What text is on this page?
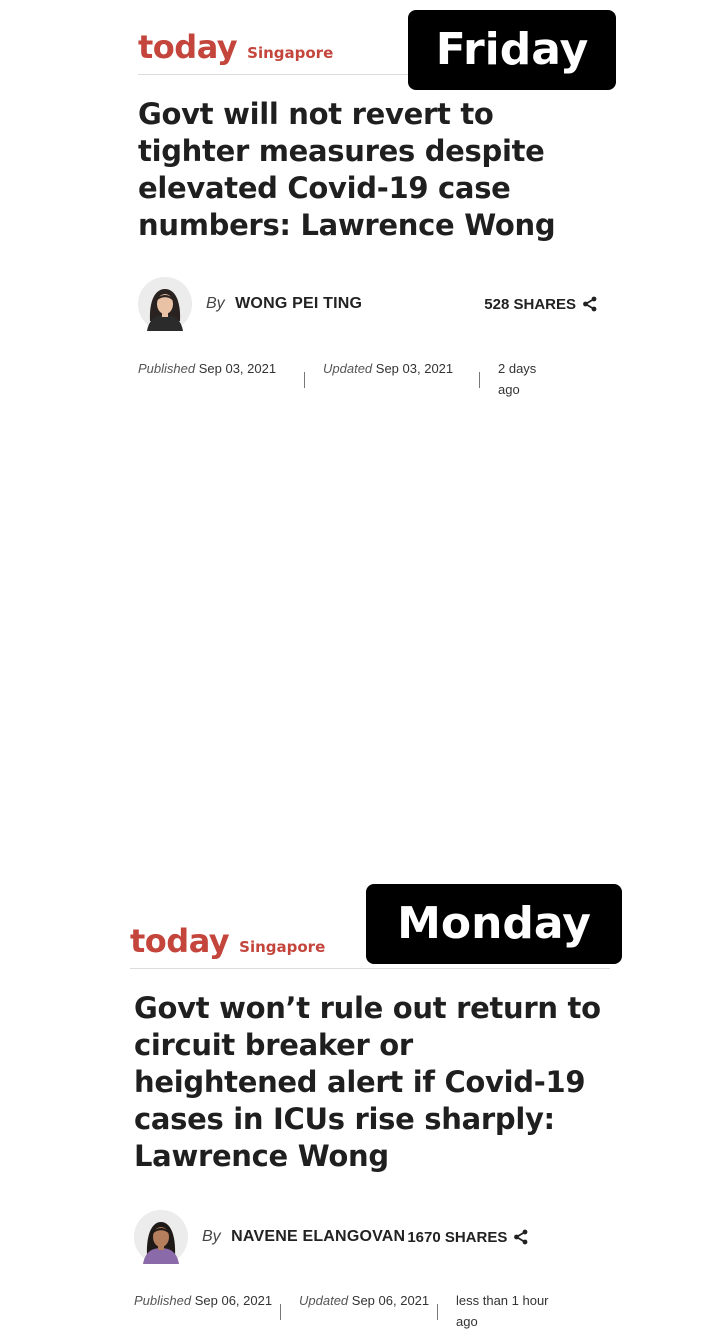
today Singapore	Friday
Govt will not revert to tighter measures despite elevated Covid-19 case numbers: Lawrence Wong
By WONG PEI TING	528 SHARES
Published Sep 03, 2021	Updated Sep 03, 2021	2 days ago
today Singapore	Monday
Govt won’t rule out return to circuit breaker or heightened alert if Covid-19 cases in ICUs rise sharply: Lawrence Wong
By NAVENE ELANGOVAN 1670 SHARES
Published Sep 06, 2021 Updated Sep 06, 2021 less than 1 hour ago
